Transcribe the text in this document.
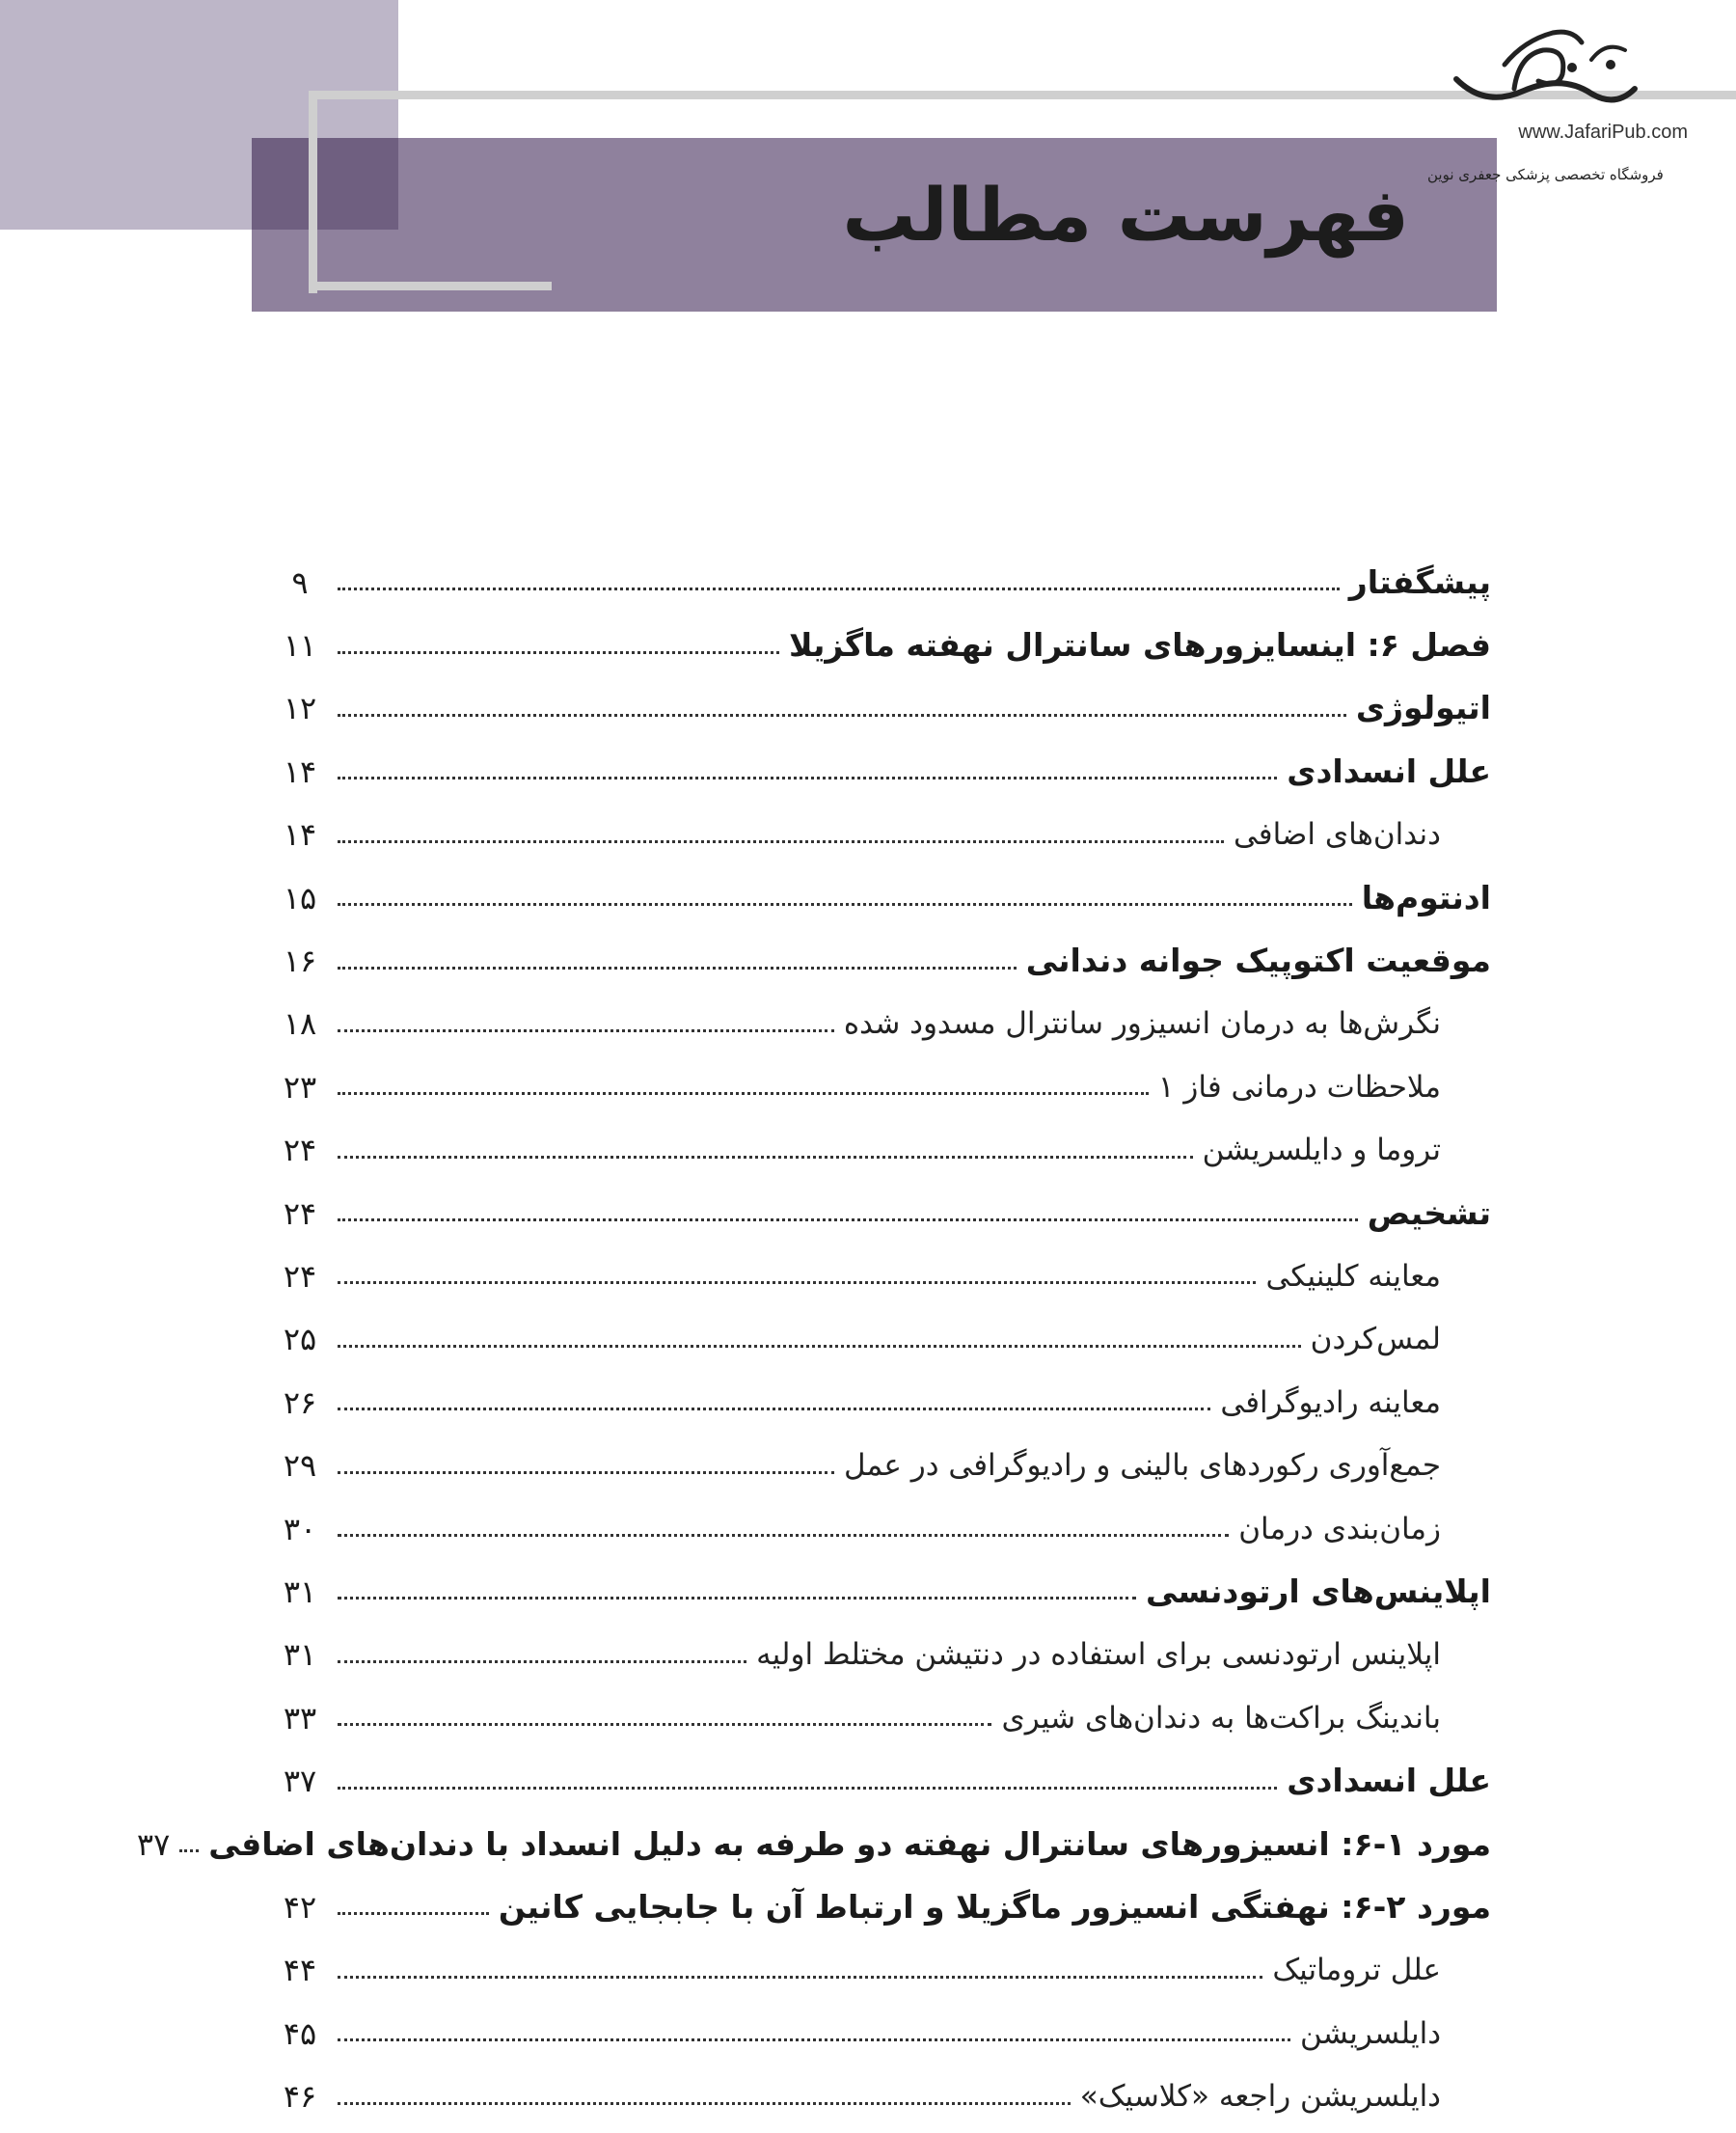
فهرست مطالب
www.JafariPub.com
فروشگاه تخصصی پزشکی جعفری نوین
پیشگفتار
۹
فصل ۶: اینسایزورهای سانترال نهفته ماگزیلا
۱۱
اتیولوژی
۱۲
علل انسدادی
۱۴
دندان‌های اضافی
۱۴
ادنتوم‌ها
۱۵
موقعیت اکتوپیک جوانه دندانی
۱۶
نگرش‌ها به درمان انسیزور سانترال مسدود شده
۱۸
ملاحظات درمانی فاز ۱
۲۳
تروما و دایلسریشن
۲۴
تشخیص
۲۴
معاینه کلینیکی
۲۴
لمس‌کردن
۲۵
معاینه رادیوگرافی
۲۶
جمع‌آوری رکوردهای بالینی و رادیوگرافی در عمل
۲۹
زمان‌بندی درمان
۳۰
اپلاینس‌های ارتودنسی
۳۱
اپلاینس ارتودنسی برای استفاده در دنتیشن مختلط اولیه
۳۱
باندینگ براکت‌ها به دندان‌های شیری
۳۳
علل انسدادی
۳۷
مورد ۱-۶: انسیزورهای سانترال نهفته دو طرفه به دلیل انسداد با دندان‌های اضافی
۳۷
مورد ۲-۶: نهفتگی انسیزور ماگزیلا و ارتباط آن با جابجایی کانین
۴۲
علل تروماتیک
۴۴
دایلسریشن
۴۵
دایلسریشن راجعه «کلاسیک»
۴۶
